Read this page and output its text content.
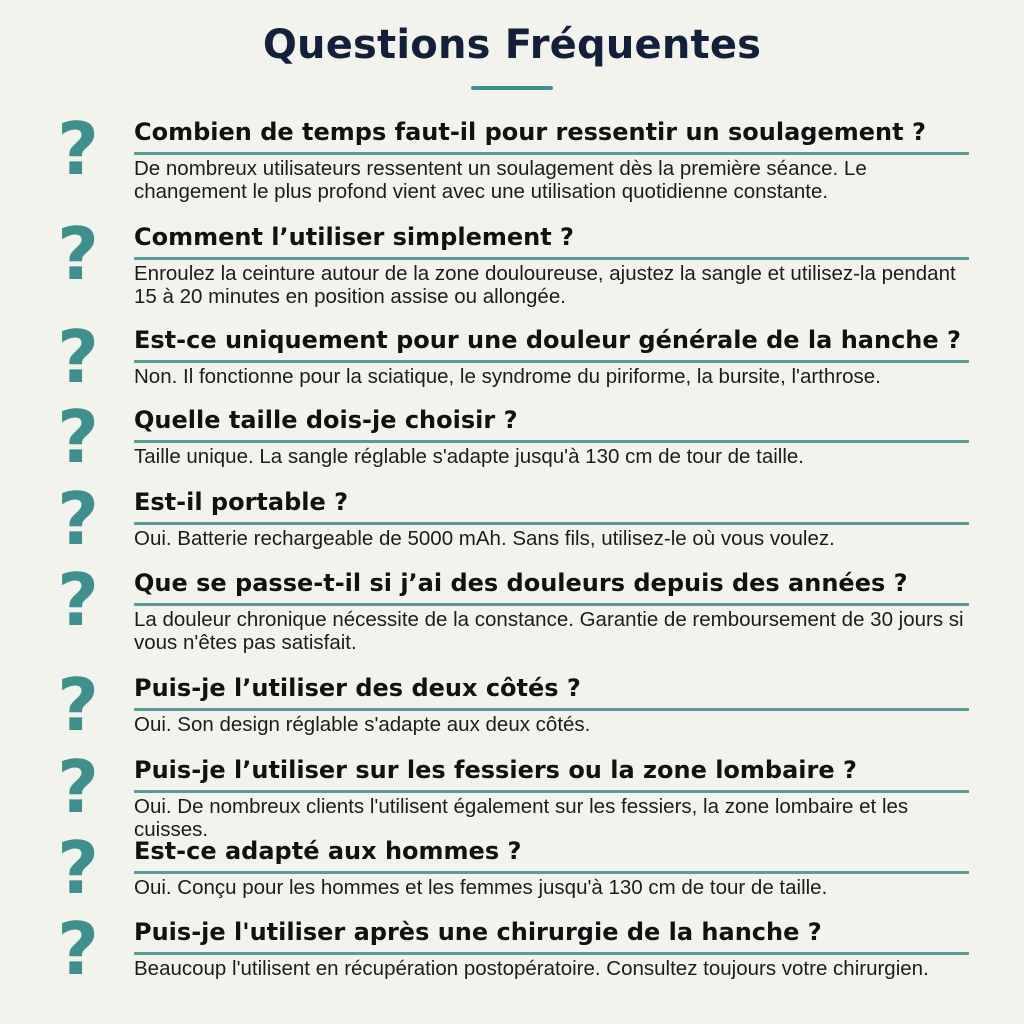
Questions Fréquentes
?	Combien de temps faut-il pour ressentir un soulagement ?
De nombreux utilisateurs ressentent un soulagement dès la première séance. Le changement le plus profond vient avec une utilisation quotidienne constante.
?	Comment l’utiliser simplement ?
Enroulez la ceinture autour de la zone douloureuse, ajustez la sangle et utilisez-la pendant 15 à 20 minutes en position assise ou allongée.
?	Est-ce uniquement pour une douleur générale de la hanche ?
Non. Il fonctionne pour la sciatique, le syndrome du piriforme, la bursite, l'arthrose.
?	Quelle taille dois-je choisir ?
Taille unique. La sangle réglable s'adapte jusqu'à 130 cm de tour de taille.
?	Est-il portable ?
Oui. Batterie rechargeable de 5000 mAh. Sans fils, utilisez-le où vous voulez.
?	Que se passe-t-il si j’ai des douleurs depuis des années ?
La douleur chronique nécessite de la constance. Garantie de remboursement de 30 jours si vous n'êtes pas satisfait.
?	Puis-je l’utiliser des deux côtés ?
Oui. Son design réglable s'adapte aux deux côtés.
?	Puis-je l’utiliser sur les fessiers ou la zone lombaire ?
Oui. De nombreux clients l'utilisent également sur les fessiers, la zone lombaire et les cuisses.
?	Est-ce adapté aux hommes ?
Oui. Conçu pour les hommes et les femmes jusqu'à 130 cm de tour de taille.
?	Puis-je l'utiliser après une chirurgie de la hanche ?
Beaucoup l'utilisent en récupération postopératoire. Consultez toujours votre chirurgien.
